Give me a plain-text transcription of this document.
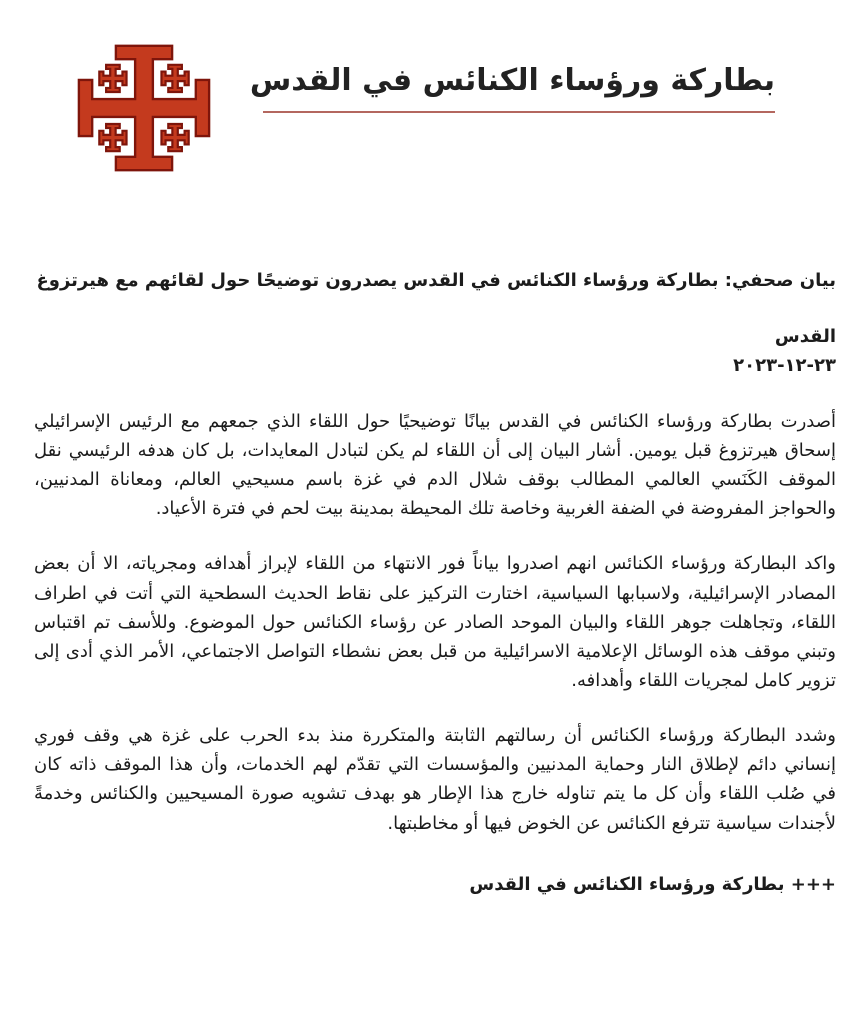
بطاركة ورؤساء الكنائس في القدس

بيان صحفي: بطاركة ورؤساء الكنائس في القدس يصدرون توضيحًا حول لقائهم مع هيرتزوغ

القدس
٢٣-١٢-٢٠٢٣

أصدرت بطاركة ورؤساء الكنائس في القدس بيانًا توضيحيًا حول اللقاء الذي جمعهم مع الرئيس الإسرائيلي إسحاق هيرتزوغ قبل يومين. أشار البيان إلى أن اللقاء لم يكن لتبادل المعايدات، بل كان هدفه الرئيسي نقل الموقف الكَنَسي العالمي المطالب بوقف شلال الدم في غزة باسم مسيحيي العالم، ومعاناة المدنيين، والحواجز المفروضة في الضفة الغربية وخاصة تلك المحيطة بمدينة بيت لحم في فترة الأعياد.

واكد البطاركة ورؤساء الكنائس انهم اصدروا بياناً فور الانتهاء من اللقاء لإبراز أهدافه ومجرياته، الا أن بعض المصادر الإسرائيلية، ولاسبابها السياسية، اختارت التركيز على نقاط الحديث السطحية التي أتت في اطراف اللقاء، وتجاهلت جوهر اللقاء والبيان الموحد الصادر عن رؤساء الكنائس حول الموضوع. وللأسف تم اقتباس وتبني موقف هذه الوسائل الإعلامية الاسرائيلية من قبل بعض نشطاء التواصل الاجتماعي، الأمر الذي أدى إلى تزوير كامل لمجريات اللقاء وأهدافه.

وشدد البطاركة ورؤساء الكنائس أن رسالتهم الثابتة والمتكررة منذ بدء الحرب على غزة هي وقف فوري إنساني دائم لإطلاق النار وحماية المدنيين والمؤسسات التي تقدّم لهم الخدمات، وأن هذا الموقف ذاته كان في صُلب اللقاء وأن كل ما يتم تناوله خارج هذا الإطار هو بهدف تشويه صورة المسيحيين والكنائس وخدمةً لأجندات سياسية تترفع الكنائس عن الخوض فيها أو مخاطبتها.

+++ بطاركة ورؤساء الكنائس في القدس
